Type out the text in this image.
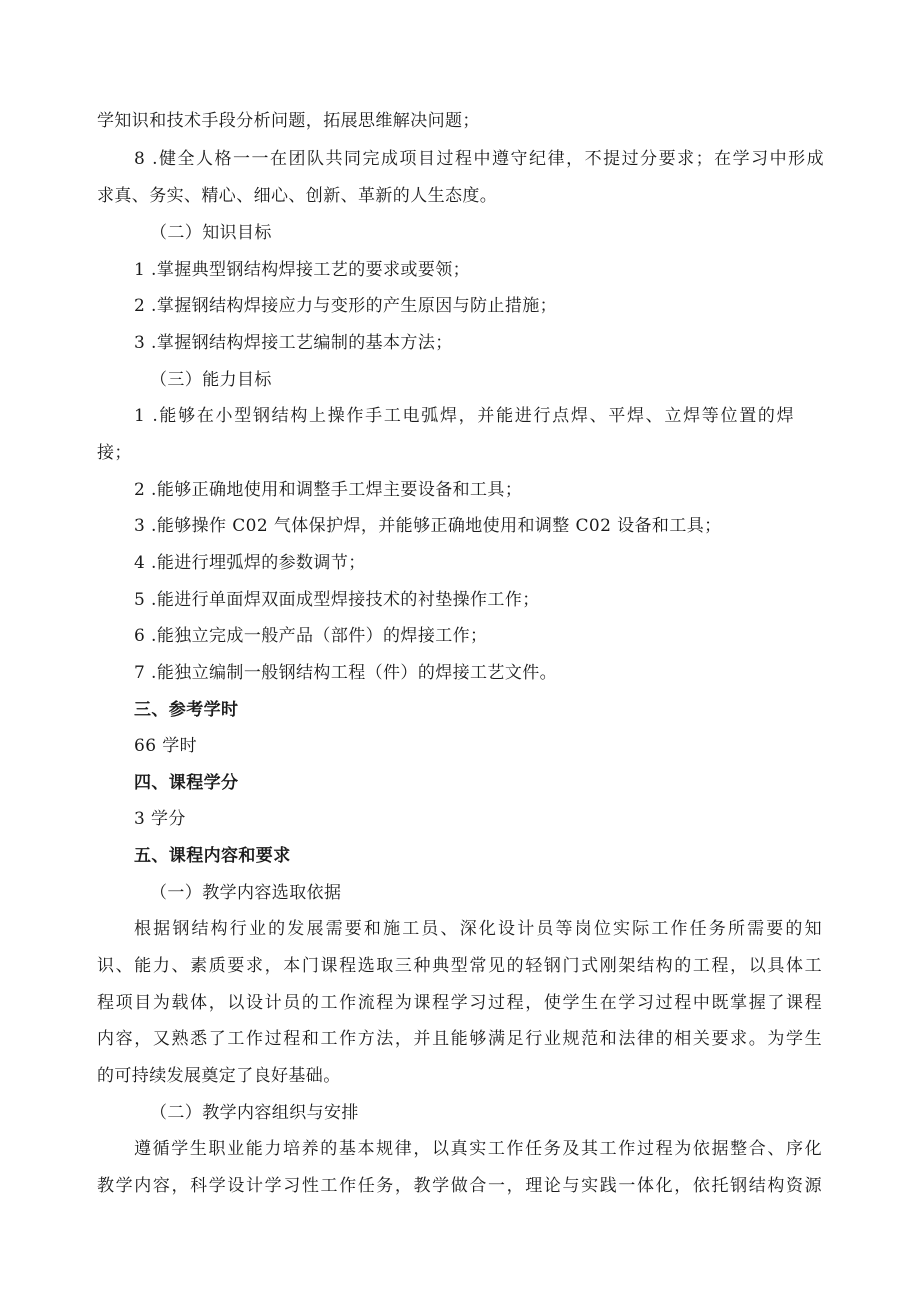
学知识和技术手段分析问题，拓展思维解决问题；
8 .健全人格一一在团队共同完成项目过程中遵守纪律，不提过分要求；在学习中形成
求真、务实、精心、细心、创新、革新的人生态度。
（二）知识目标
1 .掌握典型钢结构焊接工艺的要求或要领；
2 .掌握钢结构焊接应力与变形的产生原因与防止措施；
3 .掌握钢结构焊接工艺编制的基本方法；
（三）能力目标
1 .能够在小型钢结构上操作手工电弧焊，并能进行点焊、平焊、立焊等位置的焊
接；
2 .能够正确地使用和调整手工焊主要设备和工具；
3 .能够操作 C02 气体保护焊，并能够正确地使用和调整 C02 设备和工具；
4 .能进行埋弧焊的参数调节；
5 .能进行单面焊双面成型焊接技术的衬垫操作工作；
6 .能独立完成一般产品（部件）的焊接工作；
7 .能独立编制一般钢结构工程（件）的焊接工艺文件。
三、参考学时
66 学时
四、课程学分
3 学分
五、课程内容和要求
（一）教学内容选取依据
根据钢结构行业的发展需要和施工员、深化设计员等岗位实际工作任务所需要的知
识、能力、素质要求，本门课程选取三种典型常见的轻钢门式刚架结构的工程，以具体工
程项目为载体，以设计员的工作流程为课程学习过程，使学生在学习过程中既掌握了课程
内容，又熟悉了工作过程和工作方法，并且能够满足行业规范和法律的相关要求。为学生
的可持续发展奠定了良好基础。
（二）教学内容组织与安排
遵循学生职业能力培养的基本规律，以真实工作任务及其工作过程为依据整合、序化
教学内容，科学设计学习性工作任务，教学做合一，理论与实践一体化，依托钢结构资源
